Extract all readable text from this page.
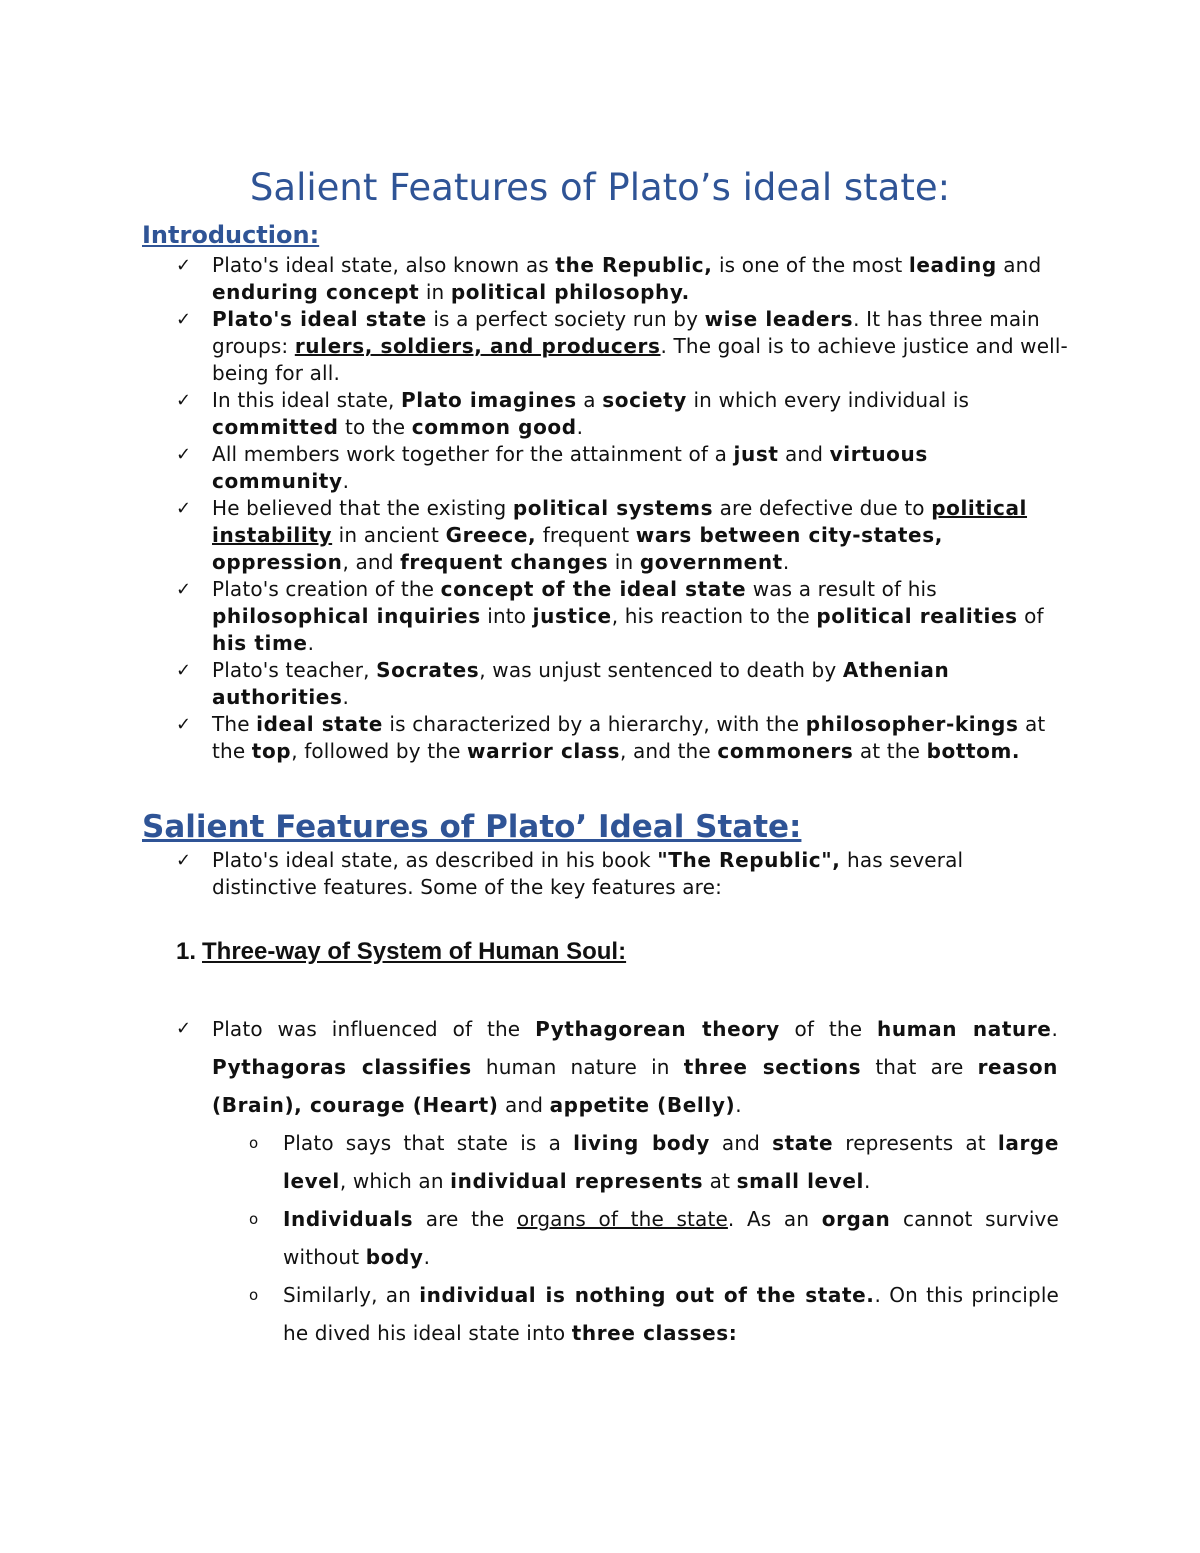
Salient Features of Plato’s ideal state:
Introduction:
✓ Plato's ideal state, also known as the Republic, is one of the most leading and enduring concept in political philosophy.
✓ Plato's ideal state is a perfect society run by wise leaders. It has three main groups: rulers, soldiers, and producers. The goal is to achieve justice and well-being for all.
✓ In this ideal state, Plato imagines a society in which every individual is committed to the common good.
✓ All members work together for the attainment of a just and virtuous community.
✓ He believed that the existing political systems are defective due to political instability in ancient Greece, frequent wars between city-states, oppression, and frequent changes in government.
✓ Plato's creation of the concept of the ideal state was a result of his philosophical inquiries into justice, his reaction to the political realities of his time.
✓ Plato's teacher, Socrates, was unjust sentenced to death by Athenian authorities.
✓ The ideal state is characterized by a hierarchy, with the philosopher-kings at the top, followed by the warrior class, and the commoners at the bottom.
Salient Features of Plato’ Ideal State:
✓ Plato's ideal state, as described in his book "The Republic", has several distinctive features. Some of the key features are:
1. Three-way of System of Human Soul:
✓ Plato was influenced of the Pythagorean theory of the human nature. Pythagoras classifies human nature in three sections that are reason (Brain), courage (Heart) and appetite (Belly).
o Plato says that state is a living body and state represents at large level, which an individual represents at small level.
o Individuals are the organs of the state. As an organ cannot survive without body.
o Similarly, an individual is nothing out of the state.. On this principle he dived his ideal state into three classes:
